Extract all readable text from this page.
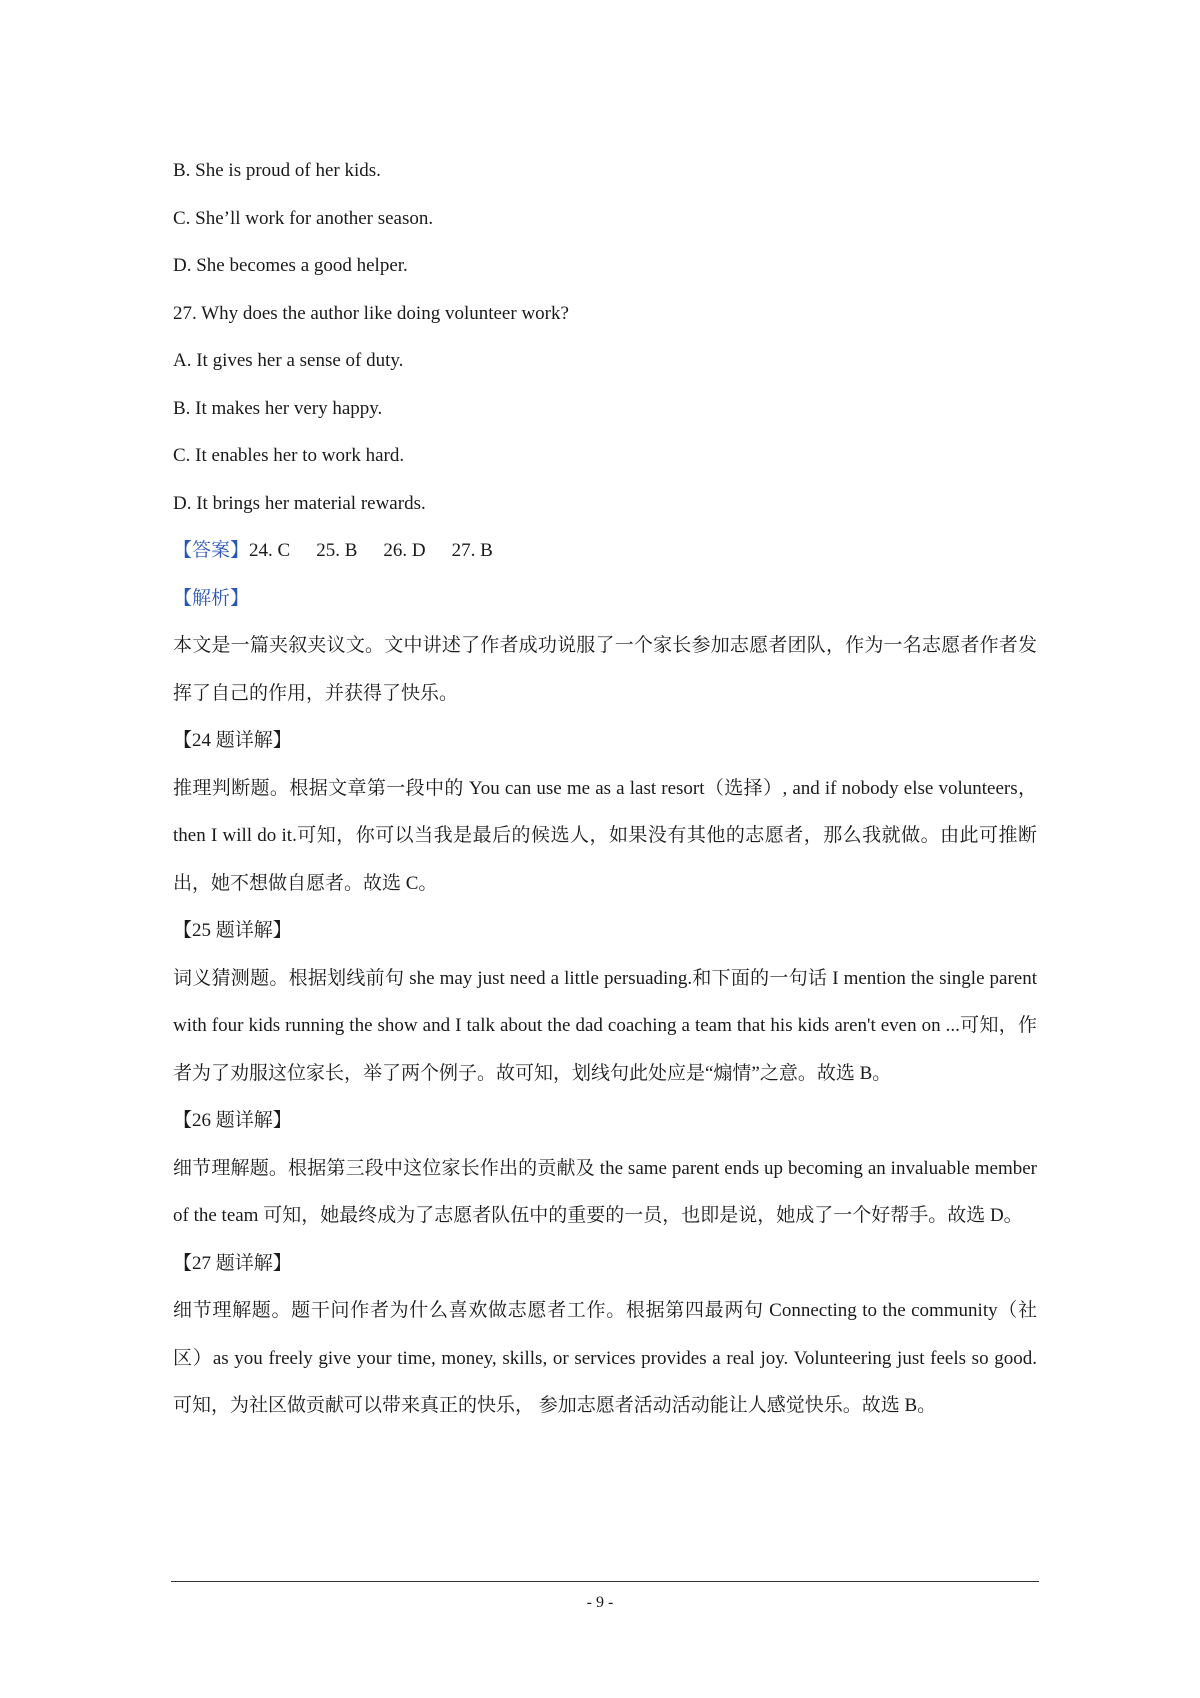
B. She is proud of her kids.
C. She’ll work for another season.
D. She becomes a good helper.
27. Why does the author like doing volunteer work?
A. It gives her a sense of duty.
B. It makes her very happy.
C. It enables her to work hard.
D. It brings her material rewards.
【答案】24. C 25. B 26. D 27. B
【解析】
本文是一篇夹叙夹议文。文中讲述了作者成功说服了一个家长参加志愿者团队，作为一名志愿者作者发挥了自己的作用，并获得了快乐。
【24 题详解】
推理判断题。根据文章第一段中的 You can use me as a last resort（选择）, and if nobody else volunteers，then I will do it.可知，你可以当我是最后的候选人，如果没有其他的志愿者，那么我就做。由此可推断出，她不想做自愿者。故选 C。
【25 题详解】
词义猜测题。根据划线前句 she may just need a little persuading.和下面的一句话 I mention the single parent with four kids running the show and I talk about the dad coaching a team that his kids aren't even on ...可知，作者为了劝服这位家长，举了两个例子。故可知，划线句此处应是“煽情”之意。故选 B。
【26 题详解】
细节理解题。根据第三段中这位家长作出的贡献及 the same parent ends up becoming an invaluable member of the team 可知，她最终成为了志愿者队伍中的重要的一员，也即是说，她成了一个好帮手。故选 D。
【27 题详解】
细节理解题。题干问作者为什么喜欢做志愿者工作。根据第四最两句 Connecting to the community（社区）as you freely give your time, money, skills, or services provides a real joy. Volunteering just feels so good.可知，为社区做贡献可以带来真正的快乐， 参加志愿者活动活动能让人感觉快乐。故选 B。
- 9 -
